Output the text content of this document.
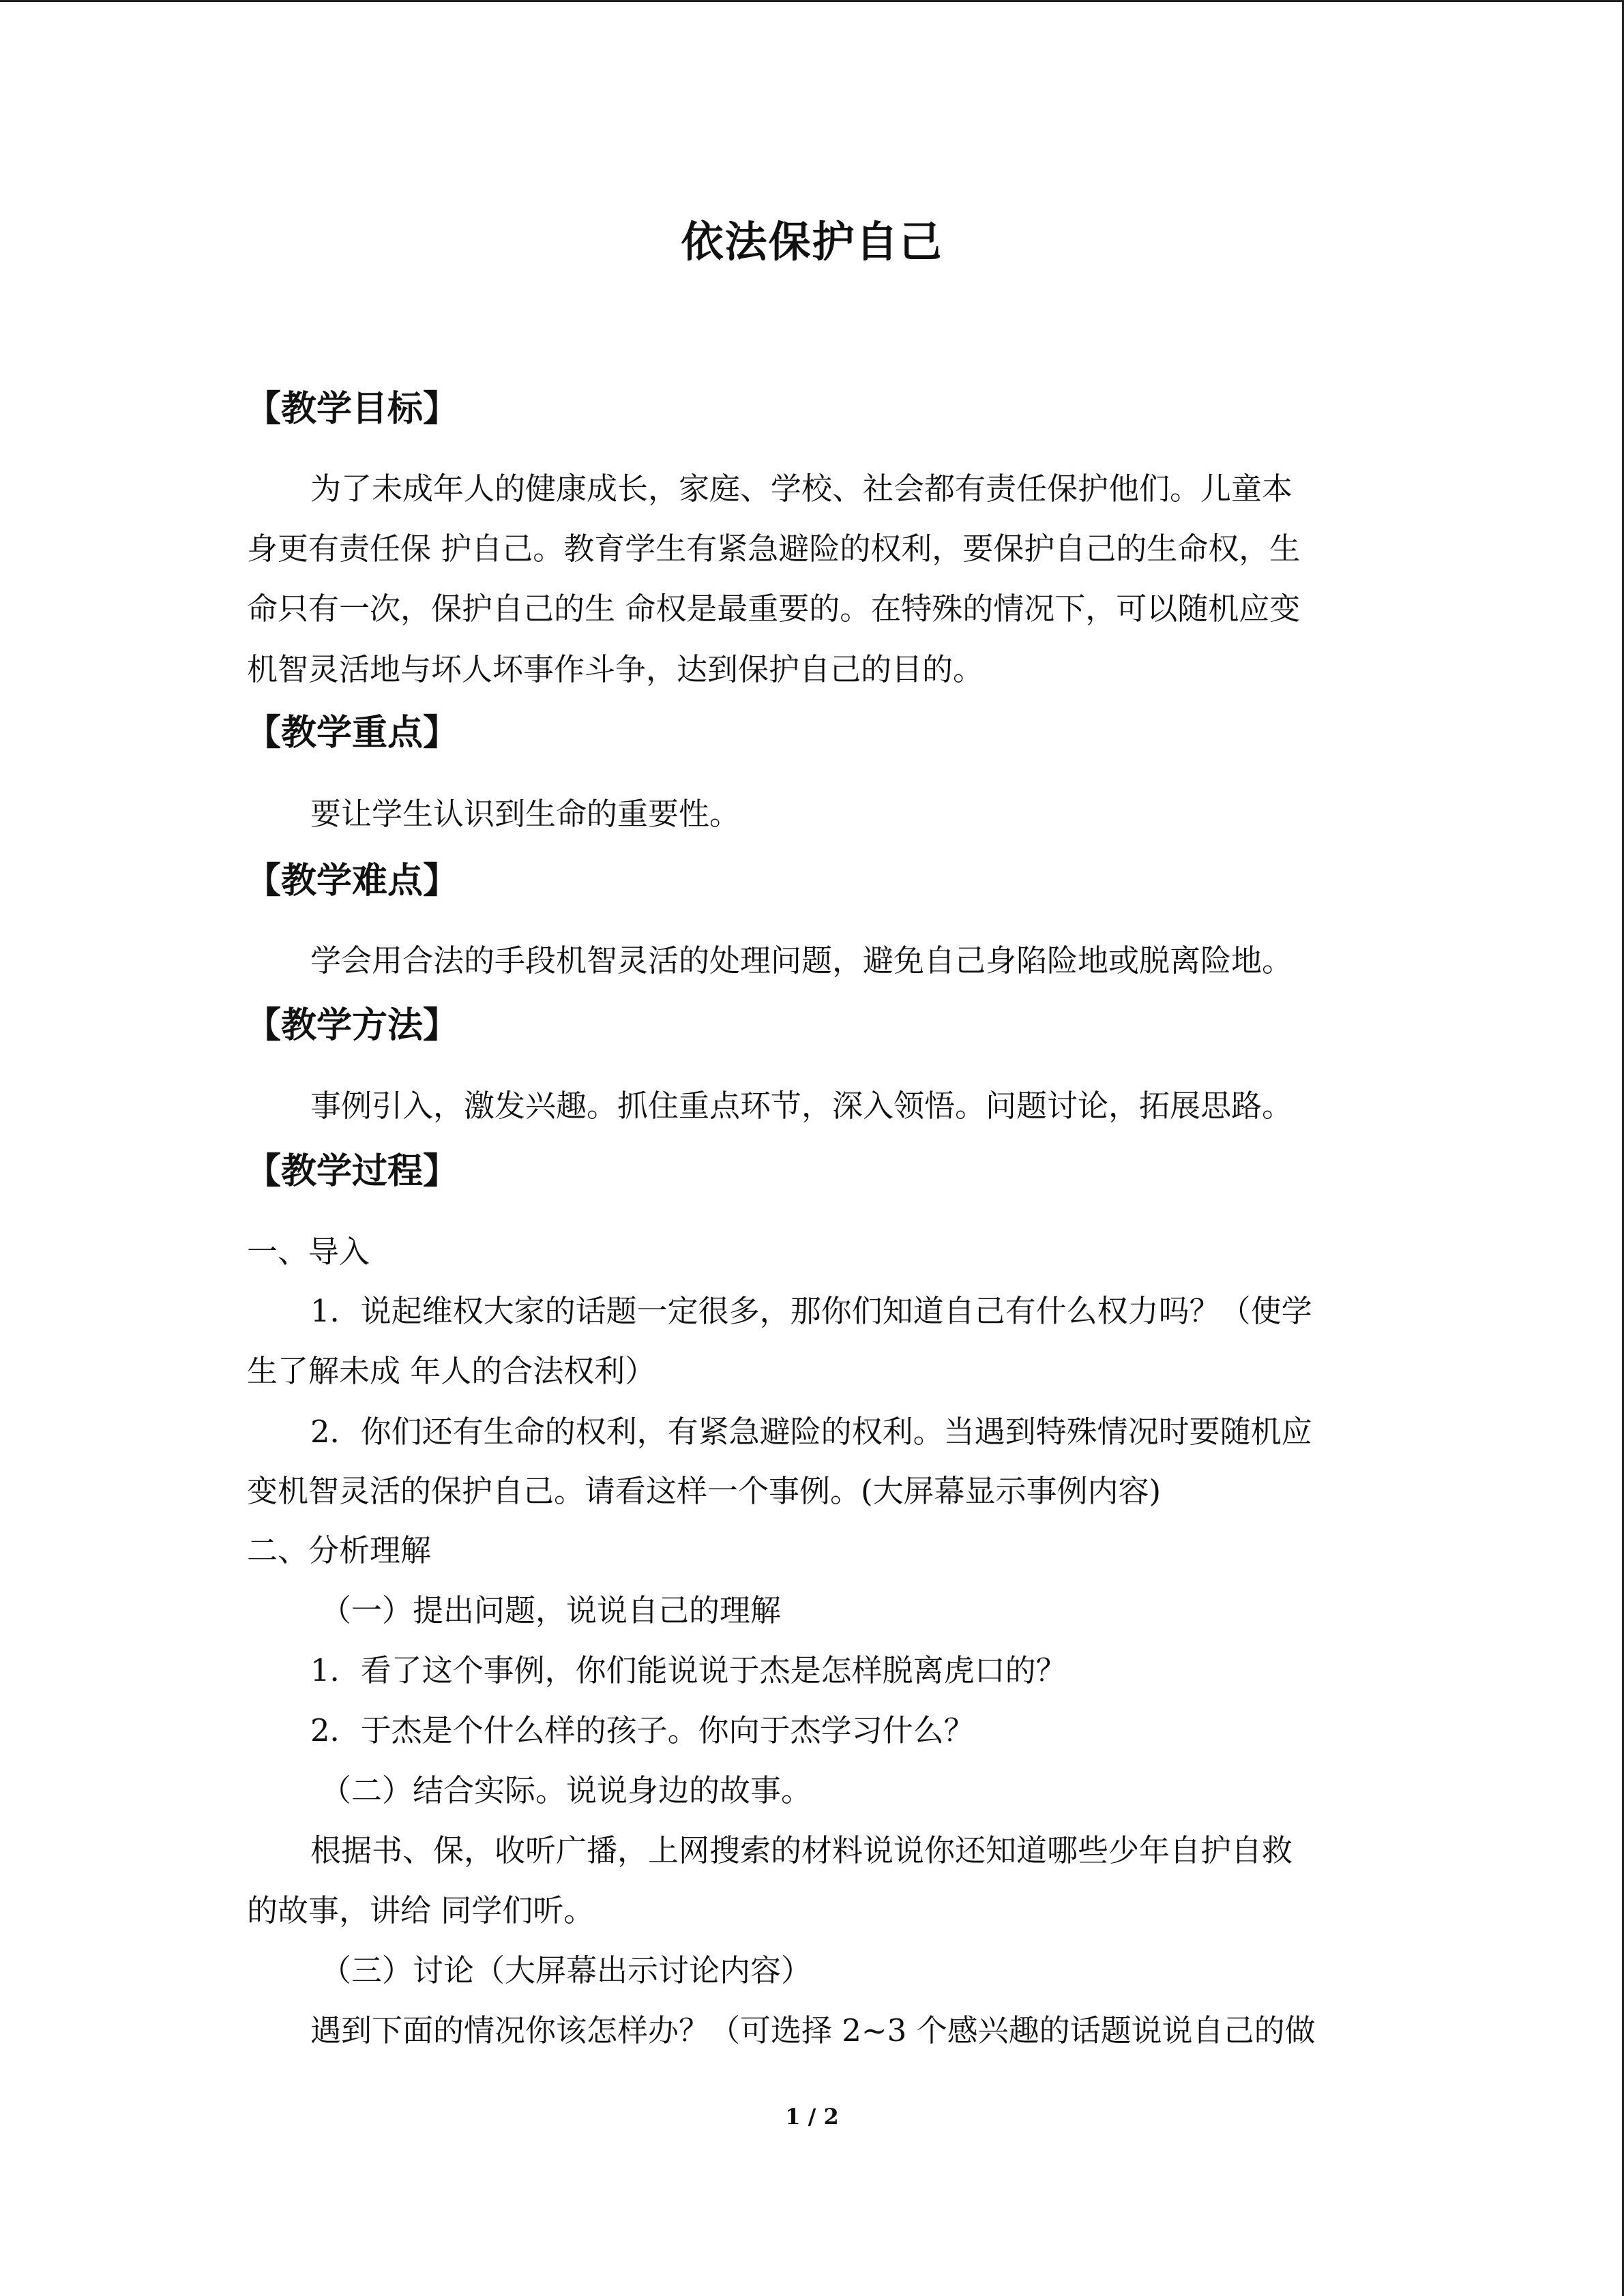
依法保护自己
【教学目标】
为了未成年人的健康成长，家庭、学校、社会都有责任保护他们。儿童本
身更有责任保 护自己。教育学生有紧急避险的权利，要保护自己的生命权，生
命只有一次，保护自己的生 命权是最重要的。在特殊的情况下，可以随机应变
机智灵活地与坏人坏事作斗争，达到保护自己的目的。
【教学重点】
要让学生认识到生命的重要性。
【教学难点】
学会用合法的手段机智灵活的处理问题，避免自己身陷险地或脱离险地。
【教学方法】
事例引入，激发兴趣。抓住重点环节，深入领悟。问题讨论，拓展思路。
【教学过程】
一、导入
1．说起维权大家的话题一定很多，那你们知道自己有什么权力吗？（使学
生了解未成 年人的合法权利）
2．你们还有生命的权利，有紧急避险的权利。当遇到特殊情况时要随机应
变机智灵活的保护自己。请看这样一个事例。(大屏幕显示事例内容)
二、分析理解
（一）提出问题，说说自己的理解
1．看了这个事例，你们能说说于杰是怎样脱离虎口的？
2．于杰是个什么样的孩子。你向于杰学习什么？
（二）结合实际。说说身边的故事。
根据书、保，收听广播，上网搜索的材料说说你还知道哪些少年自护自救
的故事，讲给 同学们听。
（三）讨论（大屏幕出示讨论内容）
遇到下面的情况你该怎样办？（可选择 2~3 个感兴趣的话题说说自己的做
1 / 2
